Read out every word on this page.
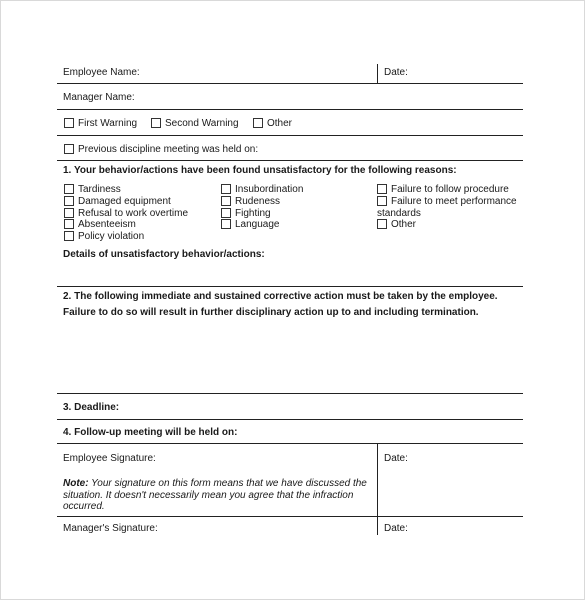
Employee Name:	Date:
Manager Name:
First Warning	Second Warning	Other
Previous discipline meeting was held on:
1. Your behavior/actions have been found unsatisfactory for the following reasons:
Tardiness
Damaged equipment
Refusal to work overtime
Absenteeism
Policy violation
Insubordination
Rudeness
Fighting
Language
Failure to follow procedure
Failure to meet performance
standards
Other
Details of unsatisfactory behavior/actions:
2. The following immediate and sustained corrective action must be taken by the employee.
Failure to do so will result in further disciplinary action up to and including termination.
3. Deadline:
4. Follow-up meeting will be held on:
Employee Signature:	Date:
Note: Your signature on this form means that we have discussed the situation. It doesn't necessarily mean you agree that the infraction occurred.
Manager's Signature:	Date:
